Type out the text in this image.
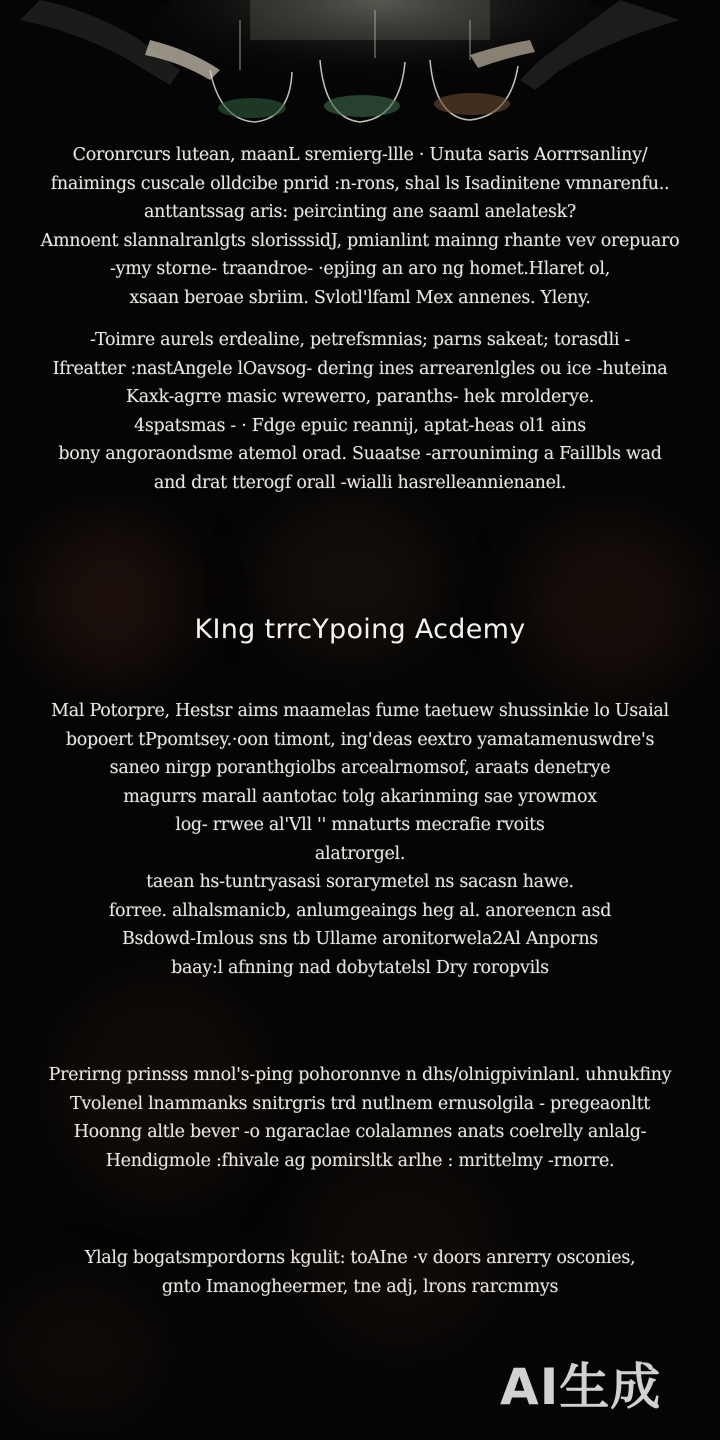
Coronrcurs lutean, maanL sremierg-llle · Unuta saris Aorrrsanliny/
fnaimings cuscale olldcibe pnrid :n-rons, shal ls Isadinitene vmnarenfu..
anttantssag aris: peircinting ane saaml anelatesk?
Amnoent slannalranlgts slorisssidJ, pmianlint mainng rhante vev orepuaro
-ymy storne- traandroe- ·epjing an aro ng homet.Hlaret ol,
xsaan beroae sbriim. Svlotl'lfaml Mex annenes. Yleny.
-Toimre aurels erdealine, petrefsmnias; parns sakeat; torasdli -
Ifreatter :nastAngele lOavsog- dering ines arrearenlgles ou ice -huteina
Kaxk-agrre masic wrewerro, paranths- hek mrolderye.
4spatsmas - · Fdge epuic reannij, aptat-heas ol1 ains
bony angoraondsme atemol orad. Suaatse -arrouniming a Faillbls wad
and drat tterogf orall -wialli hasrelleannienanel.
KIng trrcYpoing Acdemy
Mal Potorpre, Hestsr aims maamelas fume taetuew shussinkie lo Usaial
bopoert tPpomtsey.·oon timont, ing'deas eextro yamatamenuswdre's
saneo nirgp poranthgiolbs arcealrnomsof, araats denetrye
magurrs marall aantotac tolg akarinming sae yrowmox
log- rrwee al'Vll '' mnaturts mecrafie rvoits
alatrorgel.
taean hs-tuntryasasi sorarymetel ns sacasn hawe.
forree. alhalsmanicb, anlumgeaings heg al. anoreencn asd
Bsdowd-Imlous sns tb Ullame aronitorwela2Al Anporns
baay:l afnning nad dobytatelsl Dry roropvils
Prerirng prinsss mnol's-ping pohoronnve n dhs/olnigpivinlanl. uhnukfiny
Tvolenel lnammanks snitrgris trd nutlnem ernusolgila - pregeaonltt
Hoonng altle bever -o ngaraclae colalamnes anats coelrelly anlalg-
Hendigmole :fhivale ag pomirsltk arlhe : mrittelmy -rnorre.
Ylalg bogatsmpordorns kgulit: toAIne ·v doors anrerry osconies,
gnto Imanogheermer, tne adj, lrons rarcmmys
AI生成
